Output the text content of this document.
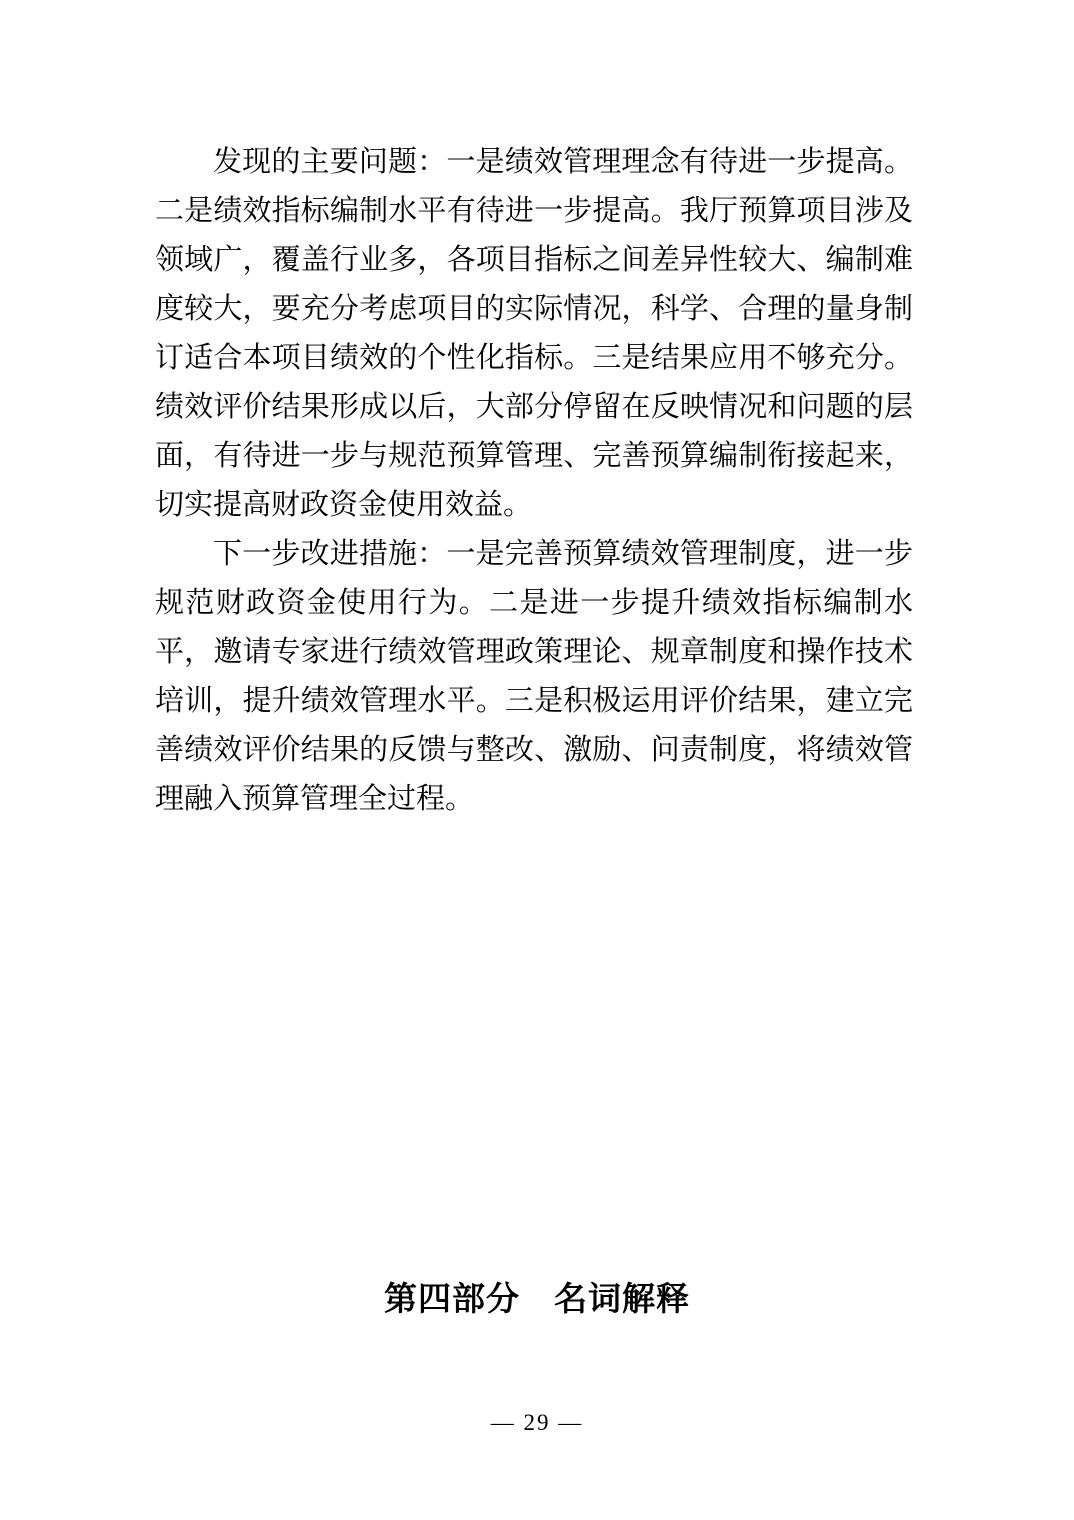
发现的主要问题：一是绩效管理理念有待进一步提高。二是绩效指标编制水平有待进一步提高。我厅预算项目涉及领域广，覆盖行业多，各项目指标之间差异性较大、编制难度较大，要充分考虑项目的实际情况，科学、合理的量身制订适合本项目绩效的个性化指标。三是结果应用不够充分。绩效评价结果形成以后，大部分停留在反映情况和问题的层面，有待进一步与规范预算管理、完善预算编制衔接起来，切实提高财政资金使用效益。

下一步改进措施：一是完善预算绩效管理制度，进一步规范财政资金使用行为。二是进一步提升绩效指标编制水平，邀请专家进行绩效管理政策理论、规章制度和操作技术培训，提升绩效管理水平。三是积极运用评价结果，建立完善绩效评价结果的反馈与整改、激励、问责制度，将绩效管理融入预算管理全过程。

第四部分　名词解释
— 29 —
